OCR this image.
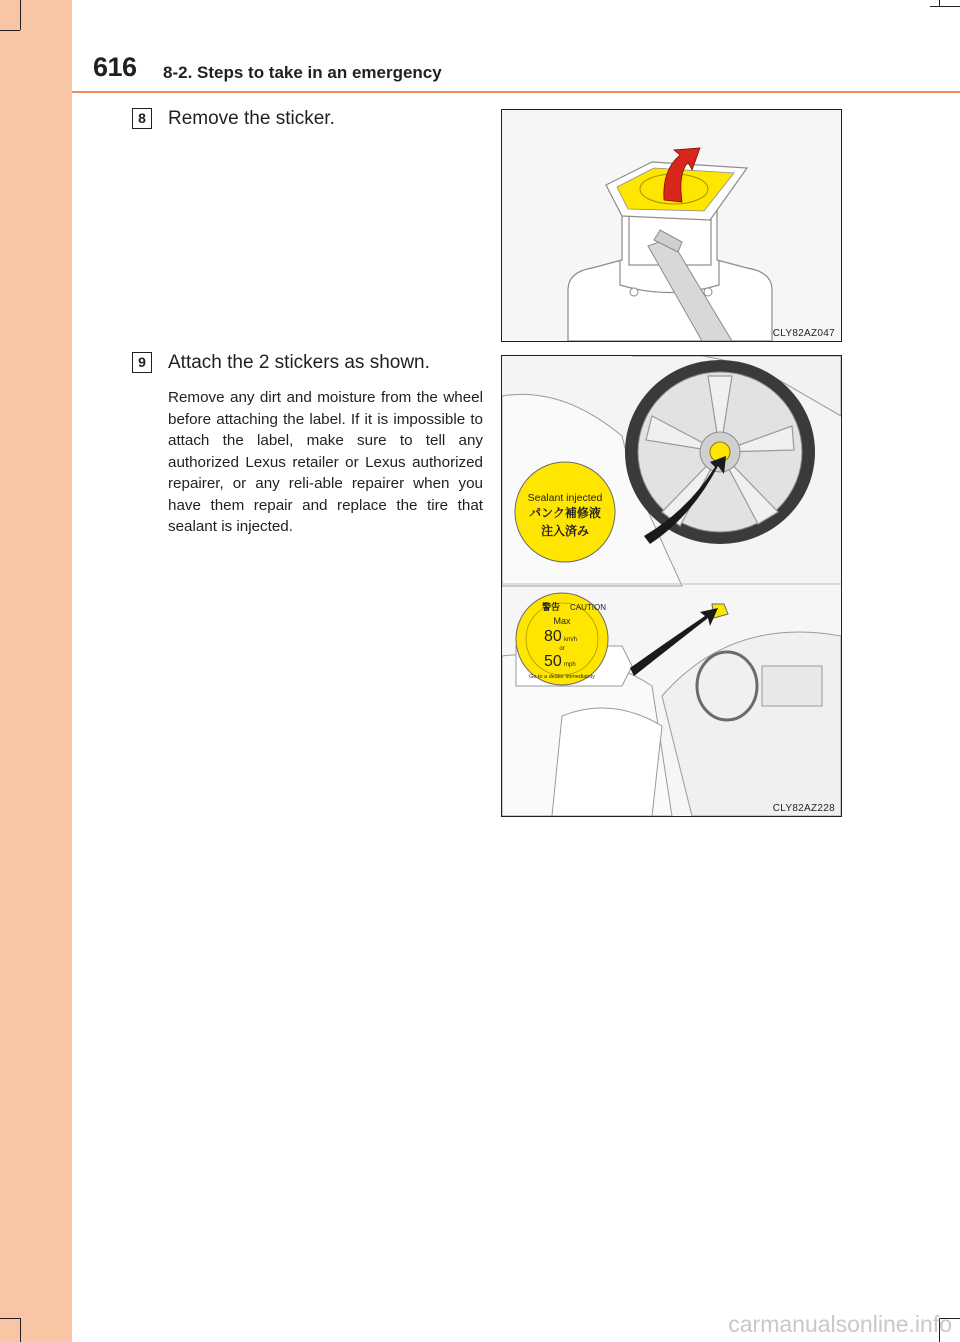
616 8-2. Steps to take in an emergency
8	Remove the sticker.
CLY82AZ047
9	Attach the 2 stickers as shown.
Remove any dirt and moisture from the wheel before attaching the label. If it is impossible to attach the label, make sure to tell any authorized Lexus retailer or Lexus authorized repairer, or any reli-able repairer when you have them repair and replace the tire that sealant is injected.
Sealant injected
パンク補修液
注入済み
警告 CAUTION
Max
80 km/h
or
50 mph
Go to a dealer immediately
CLY82AZ228
carmanualsonline.info
